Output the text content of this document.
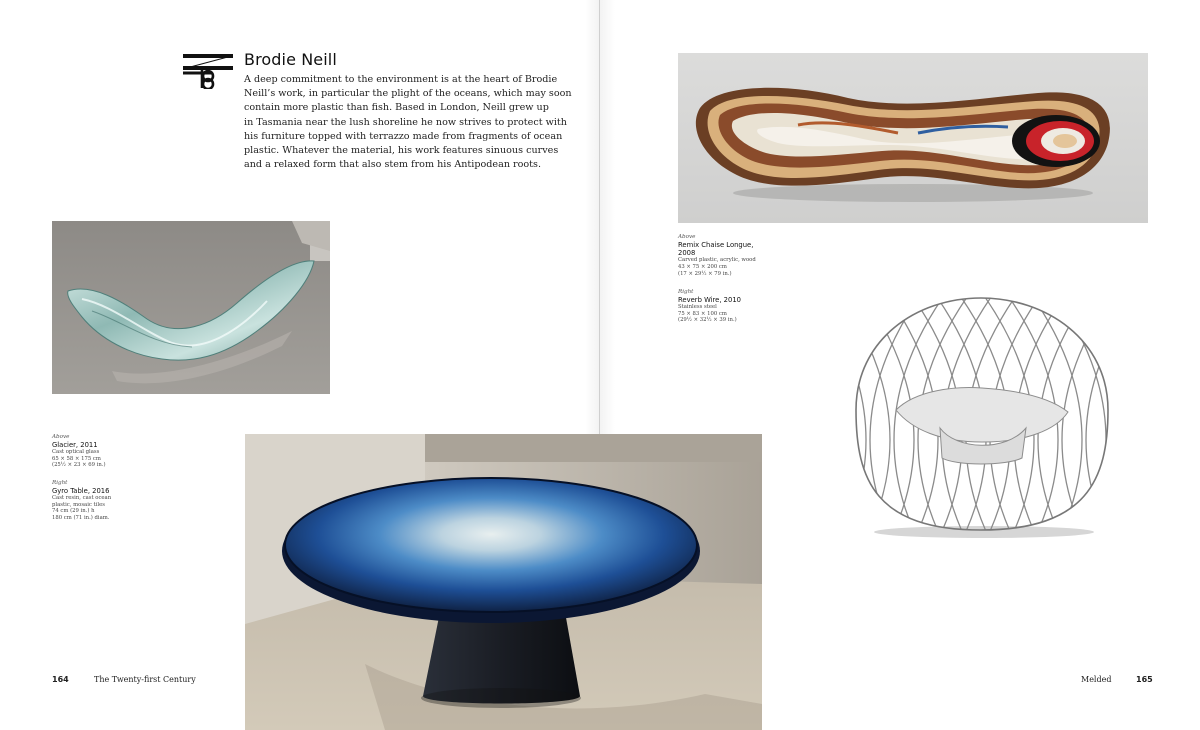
Brodie Neill
A deep commitment to the environment is at the heart of Brodie
Neill’s work, in particular the plight of the oceans, which may soon
contain more plastic than fish. Based in London, Neill grew up
in Tasmania near the lush shoreline he now strives to protect with
his furniture topped with terrazzo made from fragments of ocean
plastic. Whatever the material, his work features sinuous curves
and a relaxed form that also stem from his Antipodean roots.
Above
Glacier, 2011
Cast optical glass
65 × 58 × 175 cm
(25½ × 23 × 69 in.)
Right
Gyro Table, 2016
Cast resin, cast ocean
plastic, mosaic tiles
74 cm (29 in.) h
180 cm (71 in.) diam.
Above
Remix Chaise Longue,
2008
Carved plastic, acrylic, wood
43 × 75 × 200 cm
(17 × 29½ × 79 in.)
Right
Reverb Wire, 2010
Stainless steel
75 × 83 × 100 cm
(29½ × 32½ × 39 in.)
164	The Twenty-first Century	Melded	165
